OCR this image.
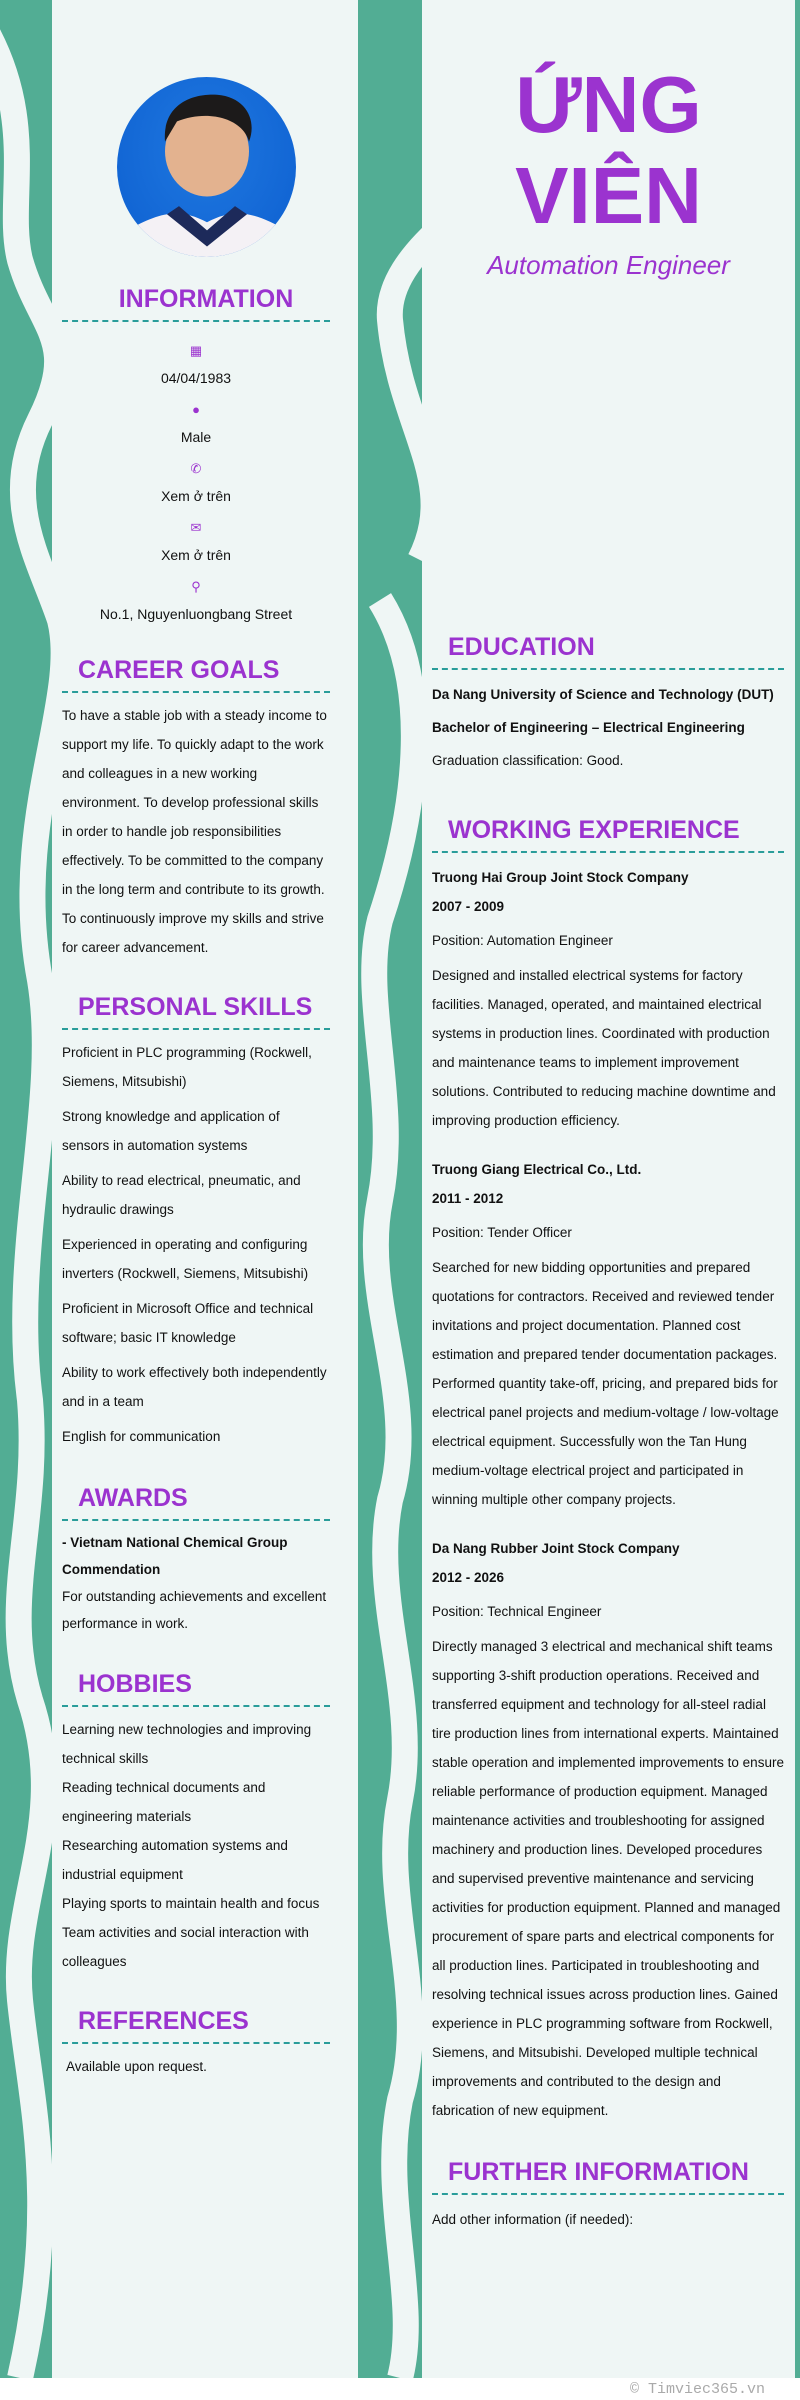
INFORMATION
▦
04/04/1983
●
Male
✆
Xem ở trên
✉
Xem ở trên
⚲
No.1, Nguyenluongbang Street
CAREER GOALS
To have a stable job with a steady income to support my life. To quickly adapt to the work and colleagues in a new working environment. To develop professional skills in order to handle job responsibilities effectively. To be committed to the company in the long term and contribute to its growth. To continuously improve my skills and strive for career advancement.
PERSONAL SKILLS
Proficient in PLC programming (Rockwell, Siemens, Mitsubishi)
Strong knowledge and application of sensors in automation systems
Ability to read electrical, pneumatic, and hydraulic drawings
Experienced in operating and configuring inverters (Rockwell, Siemens, Mitsubishi)
Proficient in Microsoft Office and technical software; basic IT knowledge
Ability to work effectively both independently and in a team
English for communication
AWARDS
- Vietnam National Chemical Group Commendation
For outstanding achievements and excellent performance in work.
HOBBIES
Learning new technologies and improving technical skills
Reading technical documents and engineering materials
Researching automation systems and industrial equipment
Playing sports to maintain health and focus
Team activities and social interaction with colleagues
REFERENCES
Available upon request.
ỨNG
VIÊN
Automation Engineer
EDUCATION
Da Nang University of Science and Technology (DUT)
Bachelor of Engineering – Electrical Engineering
Graduation classification: Good.
WORKING EXPERIENCE
Truong Hai Group Joint Stock Company
2007 - 2009
Position: Automation Engineer
Designed and installed electrical systems for factory facilities. Managed, operated, and maintained electrical systems in production lines. Coordinated with production and maintenance teams to implement improvement solutions. Contributed to reducing machine downtime and improving production efficiency.
Truong Giang Electrical Co., Ltd.
2011 - 2012
Position: Tender Officer
Searched for new bidding opportunities and prepared quotations for contractors. Received and reviewed tender invitations and project documentation. Planned cost estimation and prepared tender documentation packages. Performed quantity take-off, pricing, and prepared bids for electrical panel projects and medium-voltage / low-voltage electrical equipment. Successfully won the Tan Hung medium-voltage electrical project and participated in winning multiple other company projects.
Da Nang Rubber Joint Stock Company
2012 - 2026
Position: Technical Engineer
Directly managed 3 electrical and mechanical shift teams supporting 3-shift production operations. Received and transferred equipment and technology for all-steel radial tire production lines from international experts. Maintained stable operation and implemented improvements to ensure reliable performance of production equipment. Managed maintenance activities and troubleshooting for assigned machinery and production lines. Developed procedures and supervised preventive maintenance and servicing activities for production equipment. Planned and managed procurement of spare parts and electrical components for all production lines. Participated in troubleshooting and resolving technical issues across production lines. Gained experience in PLC programming software from Rockwell, Siemens, and Mitsubishi. Developed multiple technical improvements and contributed to the design and fabrication of new equipment.
FURTHER INFORMATION
Add other information (if needed):
© Timviec365.vn
